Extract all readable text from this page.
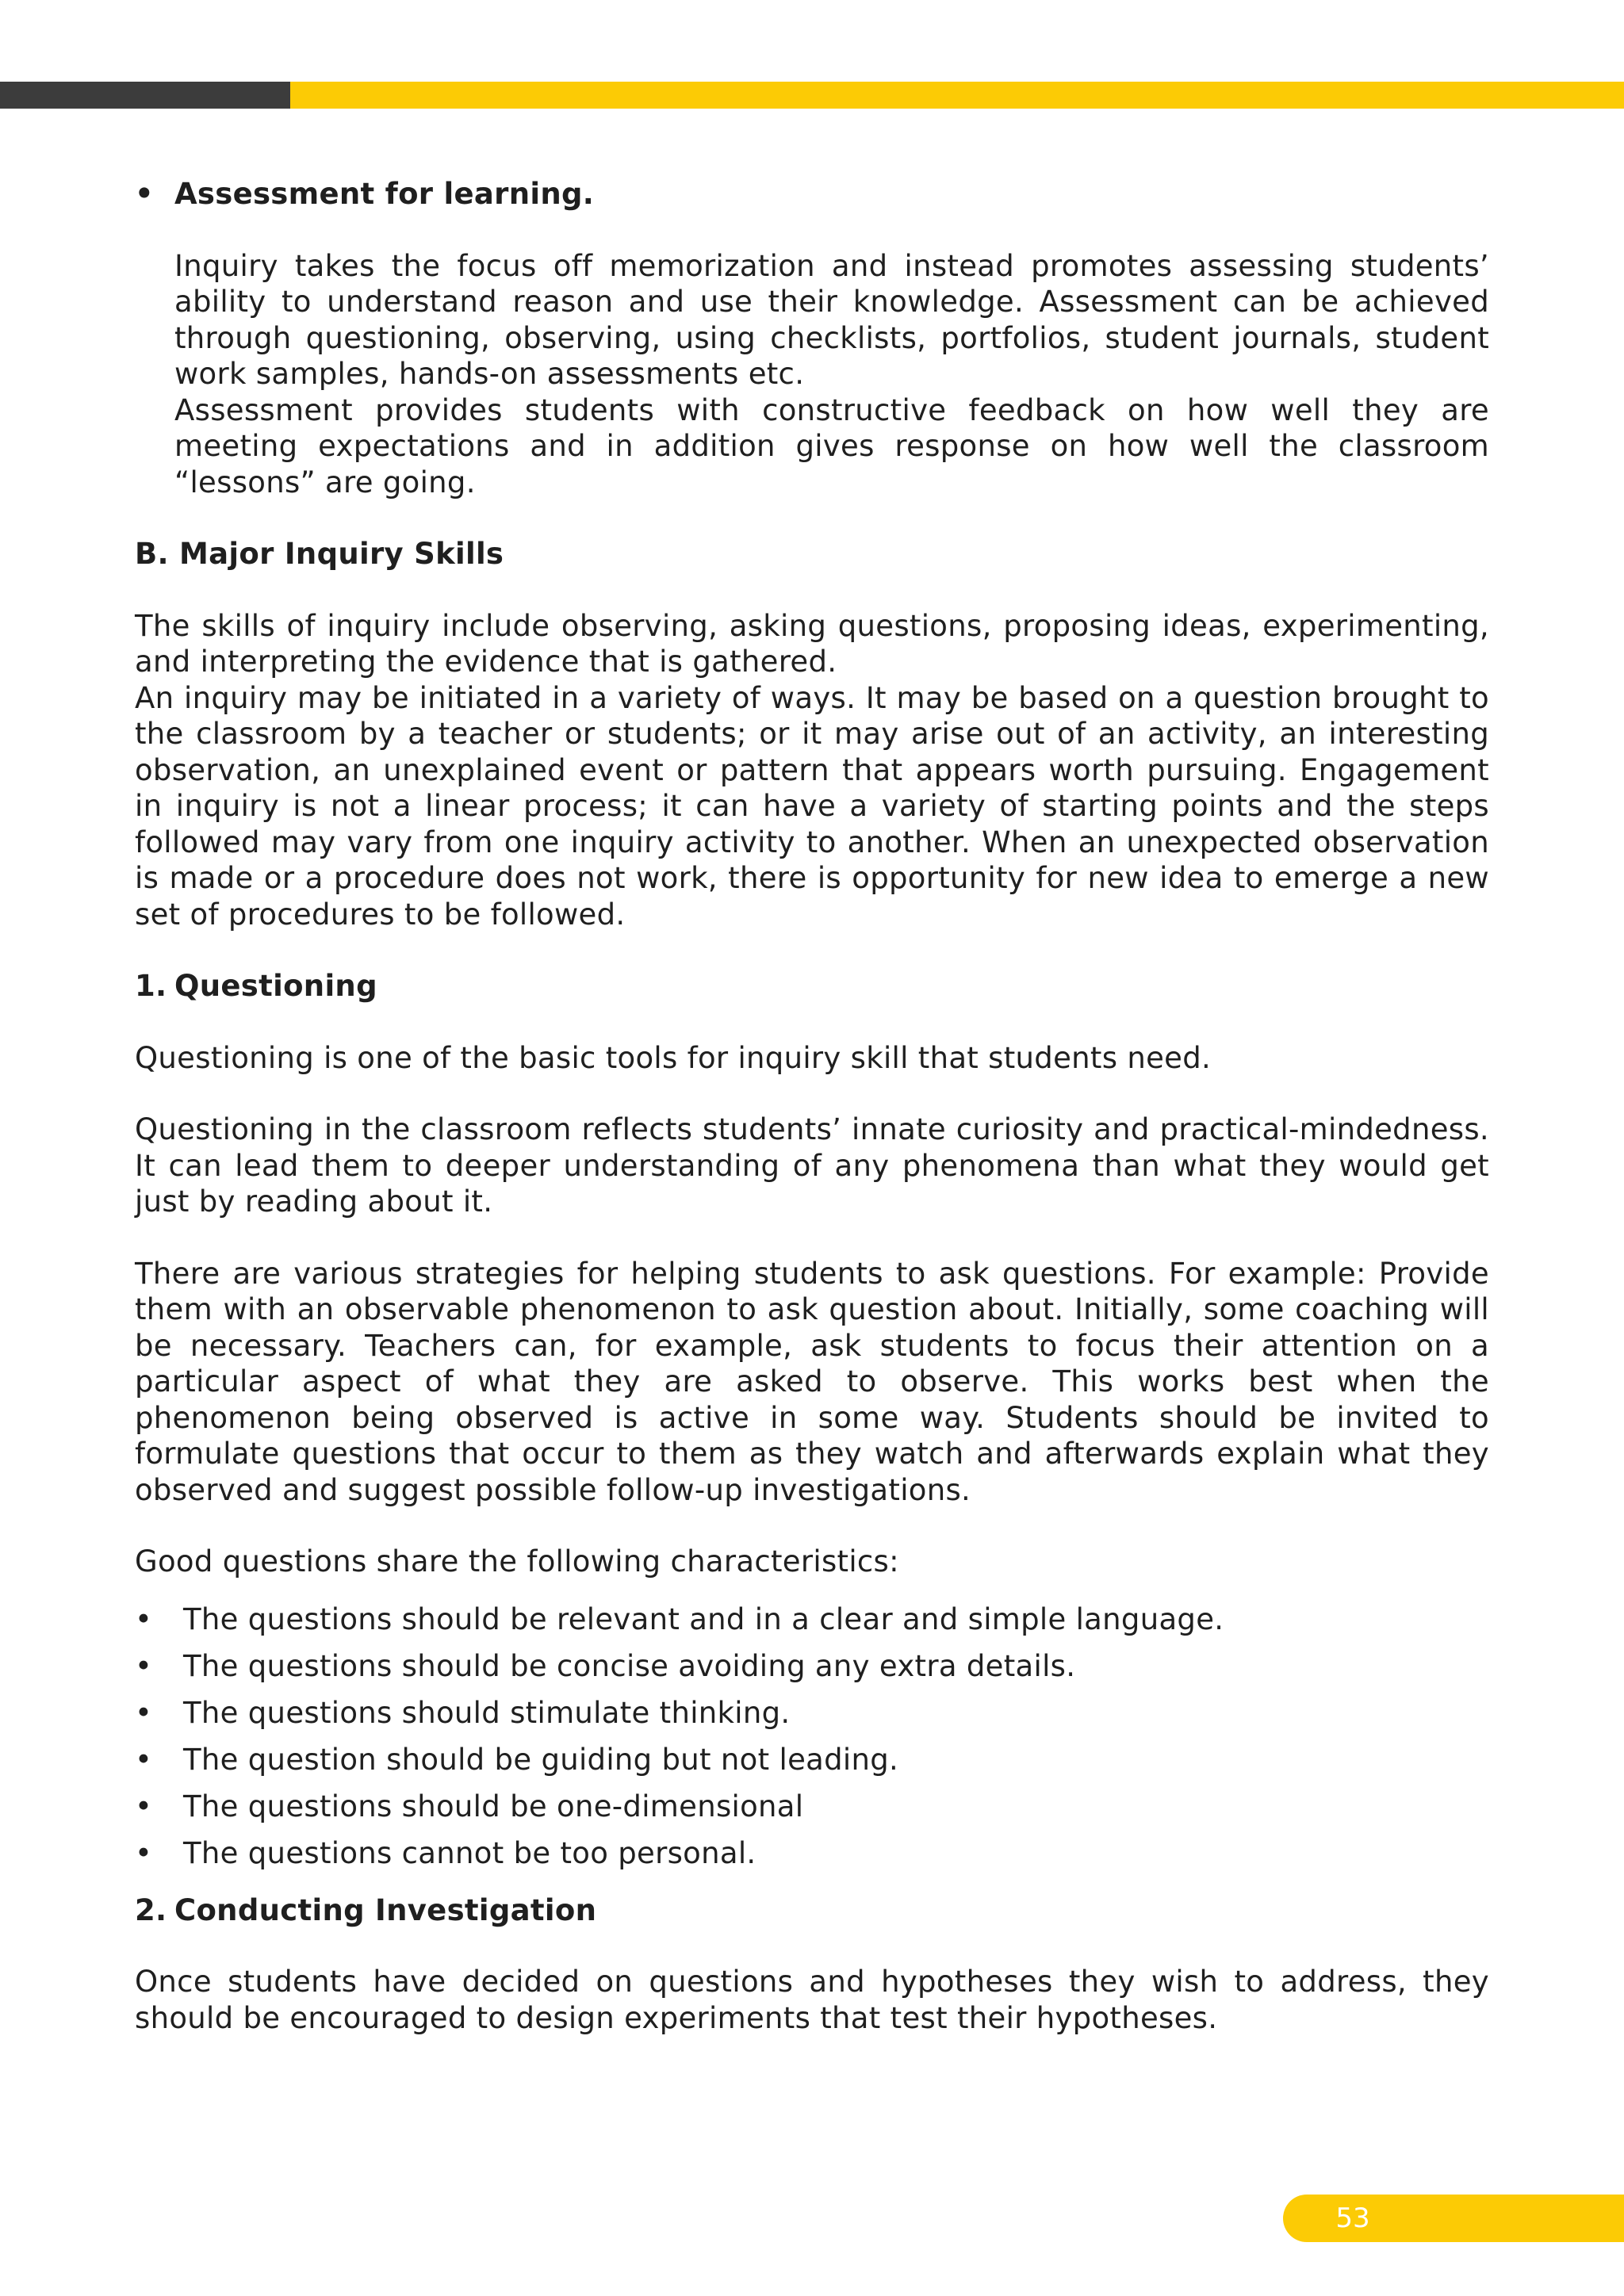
• Assessment for learning.

Inquiry takes the focus off memorization and instead promotes assessing students’ ability to understand reason and use their knowledge. Assessment can be achieved through questioning, observing, using checklists, portfolios, student journals, student work samples, hands-on assessments etc.

Assessment provides students with constructive feedback on how well they are meeting expectations and in addition gives response on how well the classroom “lessons” are going.

B. Major Inquiry Skills

The skills of inquiry include observing, asking questions, proposing ideas, experimenting, and interpreting the evidence that is gathered.

An inquiry may be initiated in a variety of ways. It may be based on a question brought to the classroom by a teacher or students; or it may arise out of an activity, an interesting observation, an unexplained event or pattern that appears worth pursuing. Engagement in inquiry is not a linear process; it can have a variety of starting points and the steps followed may vary from one inquiry activity to another. When an unexpected observation is made or a procedure does not work, there is opportunity for new idea to emerge a new set of procedures to be followed.

1. Questioning

Questioning is one of the basic tools for inquiry skill that students need.

Questioning in the classroom reflects students’ innate curiosity and practical-mindedness. It can lead them to deeper understanding of any phenomena than what they would get just by reading about it.

There are various strategies for helping students to ask questions. For example: Provide them with an observable phenomenon to ask question about. Initially, some coaching will be necessary. Teachers can, for example, ask students to focus their attention on a particular aspect of what they are asked to observe. This works best when the phenomenon being observed is active in some way. Students should be invited to formulate questions that occur to them as they watch and afterwards explain what they observed and suggest possible follow-up investigations.

Good questions share the following characteristics:

• The questions should be relevant and in a clear and simple language.
• The questions should be concise avoiding any extra details.
• The questions should stimulate thinking.
• The question should be guiding but not leading.
• The questions should be one-dimensional
• The questions cannot be too personal.

2. Conducting Investigation

Once students have decided on questions and hypotheses they wish to address, they should be encouraged to design experiments that test their hypotheses.

53
